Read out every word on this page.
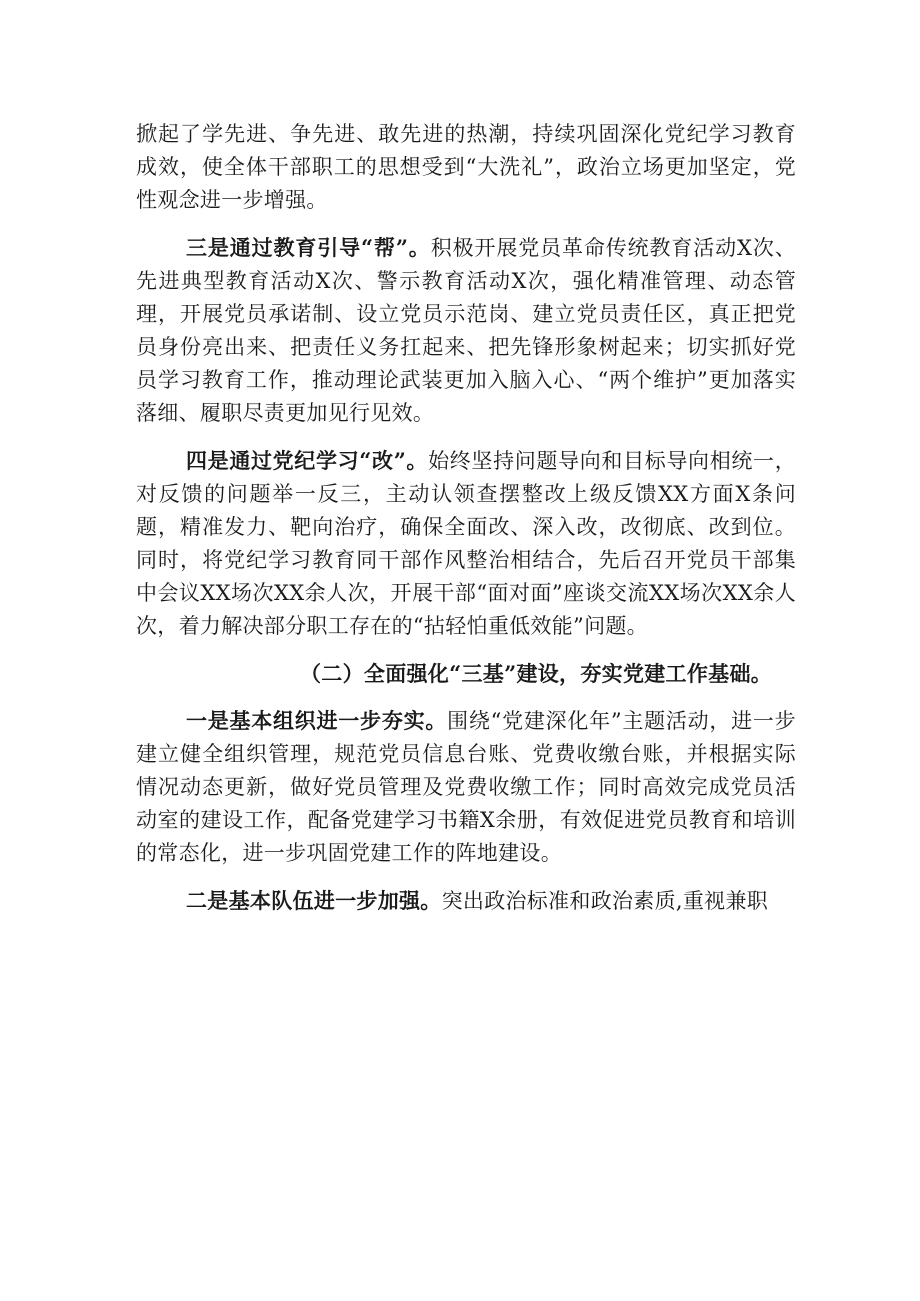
掀起了学先进、争先进、敢先进的热潮，持续巩固深化党纪学习教育成效，使全体干部职工的思想受到“大洗礼”，政治立场更加坚定，党性观念进一步增强。

三是通过教育引导“帮”。积极开展党员革命传统教育活动X次、先进典型教育活动X次、警示教育活动X次，强化精准管理、动态管理，开展党员承诺制、设立党员示范岗、建立党员责任区，真正把党员身份亮出来、把责任义务扛起来、把先锋形象树起来；切实抓好党员学习教育工作，推动理论武装更加入脑入心、“两个维护”更加落实落细、履职尽责更加见行见效。

四是通过党纪学习“改”。始终坚持问题导向和目标导向相统一，对反馈的问题举一反三，主动认领查摆整改上级反馈XX方面X条问题，精准发力、靶向治疗，确保全面改、深入改，改彻底、改到位。同时，将党纪学习教育同干部作风整治相结合，先后召开党员干部集中会议XX场次XX余人次，开展干部“面对面”座谈交流XX场次XX余人次，着力解决部分职工存在的“拈轻怕重低效能”问题。

（二）全面强化“三基”建设，夯实党建工作基础。

一是基本组织进一步夯实。围绕“党建深化年”主题活动，进一步建立健全组织管理，规范党员信息台账、党费收缴台账，并根据实际情况动态更新，做好党员管理及党费收缴工作；同时高效完成党员活动室的建设工作，配备党建学习书籍X余册，有效促进党员教育和培训的常态化，进一步巩固党建工作的阵地建设。

二是基本队伍进一步加强。突出政治标准和政治素质,重视兼职
